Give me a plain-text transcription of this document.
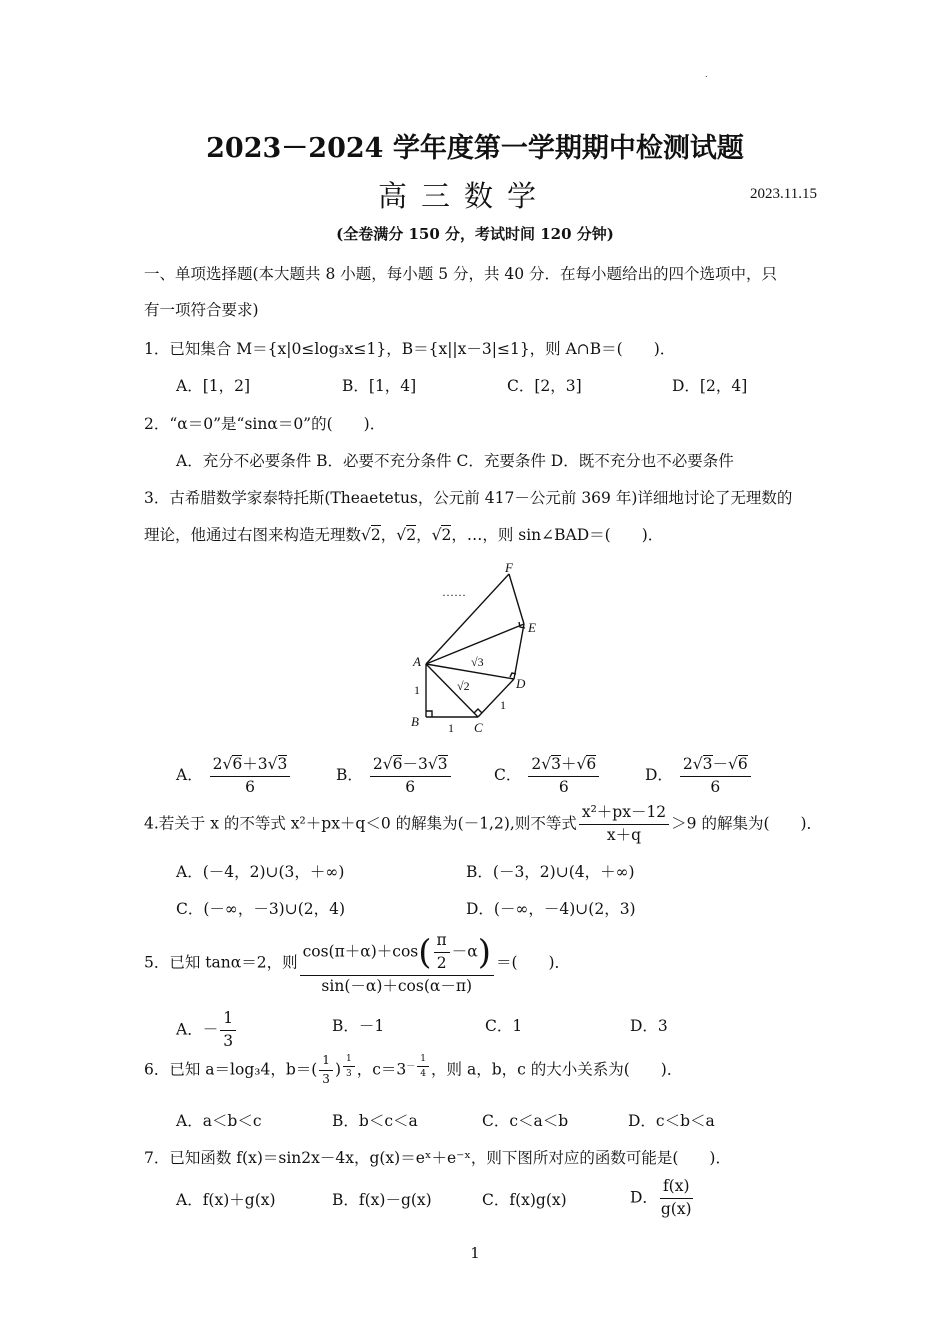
.
2023－2024 学年度第一学期期中检测试题
高三数学	2023.11.15
(全卷满分 150 分，考试时间 120 分钟)
一、单项选择题(本大题共 8 小题，每小题 5 分，共 40 分．在每小题给出的四个选项中，只
有一项符合要求)
1．已知集合 M＝{x|0≤log₃x≤1}，B＝{x||x－3|≤1}，则 A∩B＝(　　)．
A．[1，2]	B．[1，4]	C．[2，3]	D．[2，4]
2．“α＝0”是“sinα＝0”的(　　)．
A．充分不必要条件 B．必要不充分条件 C．充要条件 D．既不充分也不必要条件
3．古希腊数学家泰特托斯(Theaetetus，公元前 417－公元前 369 年)详细地讨论了无理数的
理论，他通过右图来构造无理数√2，√2，√2，…，则 sin∠BAD＝(　　)．
F
E
A
D
B	C
1
1
1
√3
√2
……
A． $\frac{2√6+3√3}{6}$	B． $\frac{2√6-3√3}{6}$	C． $\frac{2√3+√6}{6}$	D． $\frac{2√3-√6}{6}$
4.若关于 x 的不等式 x²＋px＋q＜0 的解集为(－1,2),则不等式 $\frac{\text{x²＋px－12}}{x+q} >9$ 的解集为(　　)．
A．(－4，2)∪(3，＋∞)	B．(－3，2)∪(4，＋∞)
C．(－∞，－3)∪(2，4)	D．(－∞，－4)∪(2，3)
5．已知 tanα＝2，则 $\frac{\cos(\pi+\alpha)+\cos( \frac{\pi}{2} -\alpha)}{\sin(-\alpha)+\cos(\alpha-\pi)}$ ＝(　　)．
A．－ $\frac{1}{3}$	B．－1	C．1	D．3
6．已知 a＝log₃4，$b=( \frac{1}{3}$ ) $^{\frac{1}{3}}$ ，$c=3^{- \frac{1}{4}}$ ，则 a，b，c 的大小关系为(　　)．
A．a＜b＜c	B．b＜c＜a	C．c＜a＜b	D．c＜b＜a
7．已知函数 f(x)＝sin2x－4x，g(x)＝eˣ＋e⁻ˣ，则下图所对应的函数可能是(　　)．
A．f(x)＋g(x)	B．f(x)－g(x)	C．f(x)g(x)	D． $\frac{f(x)}{g(x)}$
1
